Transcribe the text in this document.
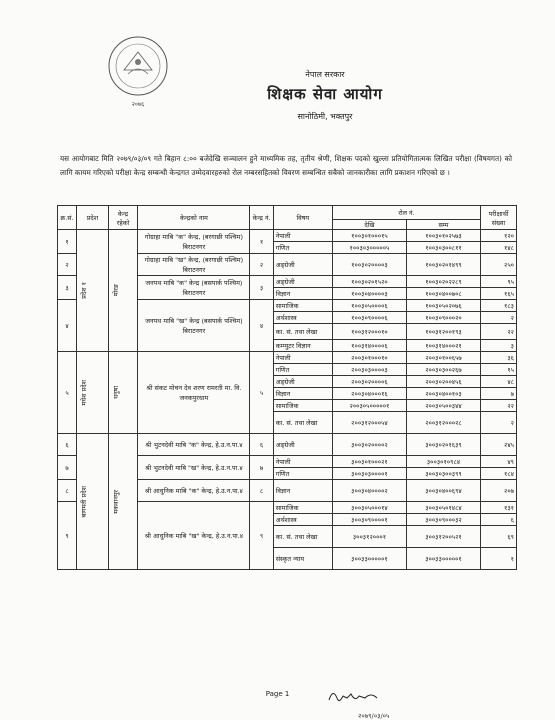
२०७६
नेपाल सरकार
शिक्षक सेवा आयोग
सानोठिमी, भक्तपुर
यस आयोगबाट मिति २०७९/०३/०९ गते बिहान ८:०० बजेदेखि सञ्चालन हुने माध्यमिक तह, तृतीय श्रेणी, शिक्षक पदको खुल्ला प्रतियोगितात्मक लिखित परीक्षा (विषयगत) को लागि कायम गरिएको परीक्षा केन्द्र सम्बन्धी केन्द्रगत उम्मेदवारहरुको रोल नम्बरसहितको विवरण सम्बन्धित सबैको जानकारीका लागि प्रकाशन गरिएको छ ।
क्र.सं.	प्रदेश	केन्द्र रहेको	केन्द्रको नाम	केन्द्र नं.	विषय	रोल नं.		परीक्षार्थी संख्या
						देखि	सम्म	
१	प्रदेश १	मोरङ	गोग्राहा माबि "क" केन्द्र, (बरगाछी पश्चिम) बिराटनगर	१	नेपाली	१००३०१०००१५	१००३०१०२५७३	१२०
					गणित	१००३०३०००००५	१००३०३००८११	१४८
२			गोग्राहा माबि "ख" केन्द्र, (बरगाछी पश्चिम) बिराटनगर	२	अङ्ग्रेजी	१००३०२००००३	१००३०२०१४९९	२५०
३			जनपथ माबि "क" केन्द्र (बसपार्क पश्चिम) बिराटनगर	३	अङ्ग्रेजी	१००३०२०१५२०	१००३०२०२२८९	९५
					विज्ञान	१००३०४००००३	१००३०४००७०८	१६५
४			जनपथ माबि "ख" केन्द्र (बसपार्क पश्चिम) बिराटनगर	४	सामाजिक	१००३०५००००६	१००३०५०२०७६	१८३
					अर्थशास्त्र	१००३०९००००६	१००३०९०००२०	२
					का. सं. तथा लेखा	१००३१२०००१०	१००३१२००१९३	२२
					कम्प्युटर विज्ञान	१००३१४००००६	१००३१४०००२१	३
५	मधेश प्रदेश	धनुषा	श्री संकट मोचन देव शरण रामरती मा. वि. जनकपुरधाम	५	नेपाली	२००३०१०००१०	२००३०१००६५७	३६
					गणित	२००३०३००००३	२००३०३००२६७	१५
					अङ्ग्रेजी	२००३०२००००६	२००३०२००४५६	४८
					विज्ञान	२००३०४०००१६	२००३०४००१०३	७
					सामाजिक	२००३०५०००००१	२००३०५००३४४	२२
					का. सं. तथा लेखा	२००३१२०००५४	२००३१२०००२८	२
६	बागमती प्रदेश	मकवानपुर	श्री भुटनदेवी माबि "क" केन्द्र, हे.उ.न.पा.४	६	अङ्ग्रेजी	३००३०२००००२	३००३०२०१६३९	२४५
७			श्री भुटनदेवी माबि "ख" केन्द्र, हे.उ.न.पा.४	७	नेपाली	३००३०१०००२१	३००३०१०९८४	४९
					गणित	३००३०३००००१	३००३०३००३९९	१८४
८			श्री आधुनिक माबि "क" केन्द्र, हे.उ.न.पा.४	८	विज्ञान	३००३०४००००२	३००३०४००६९४	२०७
९			श्री आधुनिक माबि "ख" केन्द्र, हे.उ.न.पा.४	९	सामाजिक	३००३०५०००१४	३००३०५०१४८४	१३१
					अर्थशास्त्र	३००३०९००००१	३००३०९०००३२	६
					का. सं. तथा लेखा	३००३१२०००१	३००३१२००५२१	६९
					संस्कृत न्याय	३००३३०००००१	३००३३०००००१	१
Page 1
२०७९/०३/०५
